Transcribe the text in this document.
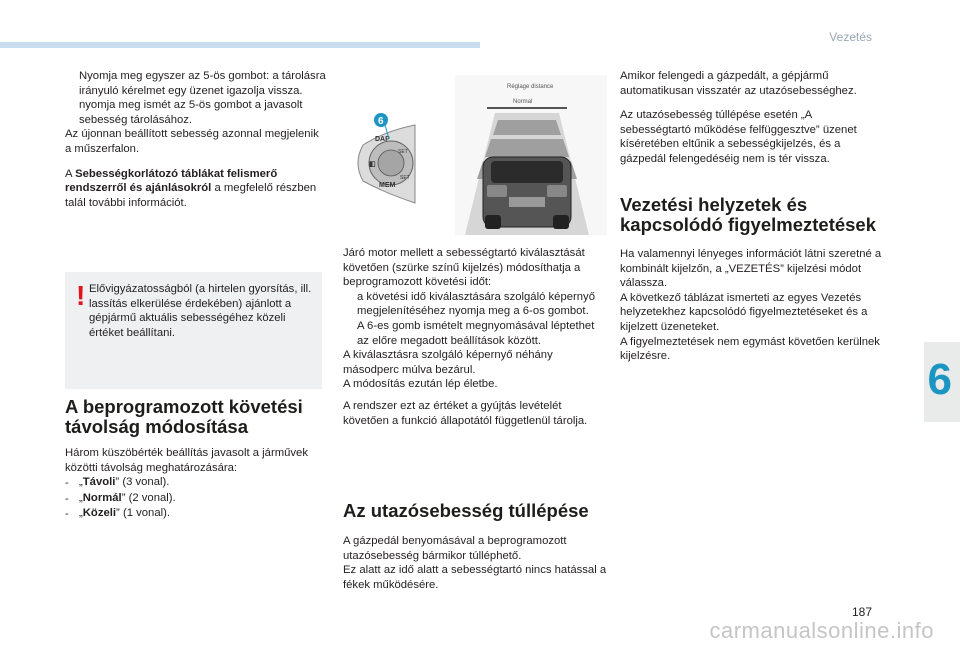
Vezetés
Nyomja meg egyszer az 5-ös gombot: a tárolásra irányuló kérelmet egy üzenet igazolja vissza.
nyomja meg ismét az 5-ös gombot a javasolt sebesség tárolásához.

Az újonnan beállított sebesség azonnal megjelenik a műszerfalon.

A Sebességkorlátozó táblákat felismerő rendszerről és ajánlásokról a megfelelő részben talál további információt.

! Elővigyázatosságból (a hirtelen gyorsítás, ill. lassítás elkerülése érdekében) ajánlott a gépjármű aktuális sebességéhez közeli értéket beállítani.
A beprogramozott követési távolság módosítása

Három küszöbérték beállítás javasolt a járművek közötti távolság meghatározására:

- „Távoli” (3 vonal).
- „Normál” (2 vonal).
- „Közeli” (1 vonal).
DAP
SET
◧
SET
MEM
6
Réglage distance
Normal

Járó motor mellett a sebességtartó kiválasztását követően (szürke színű kijelzés) módosíthatja a beprogramozott követési időt:

a követési idő kiválasztására szolgáló képernyő megjelenítéséhez nyomja meg a 6-os gombot.
A 6-es gomb ismételt megnyomásával léptethet az előre megadott beállítások között.

A kiválasztásra szolgáló képernyő néhány másodperc múlva bezárul.

A módosítás ezután lép életbe.

A rendszer ezt az értéket a gyújtás levételét követően a funkció állapotától függetlenül tárolja.

Az utazósebesség túllépése

A gázpedál benyomásával a beprogramozott utazósebesség bármikor túlléphető.

Ez alatt az idő alatt a sebességtartó nincs hatással a fékek működésére.

Amikor felengedi a gázpedált, a gépjármű automatikusan visszatér az utazósebességhez.

Az utazósebesség túllépése esetén „A sebességtartó működése felfüggesztve” üzenet kíséretében eltűnik a sebességkijelzés, és a gázpedál felengedéséig nem is tér vissza.

Vezetési helyzetek és kapcsolódó figyelmeztetések

Ha valamennyi lényeges információt látni szeretné a kombinált kijelzőn, a „VEZETÉS” kijelzési módot válassza.

A következő táblázat ismerteti az egyes Vezetés helyzetekhez kapcsolódó figyelmeztetéseket és a kijelzett üzeneteket.

A figyelmeztetések nem egymást követően kerülnek kijelzésre.	6
187
carmanualsonline.info
